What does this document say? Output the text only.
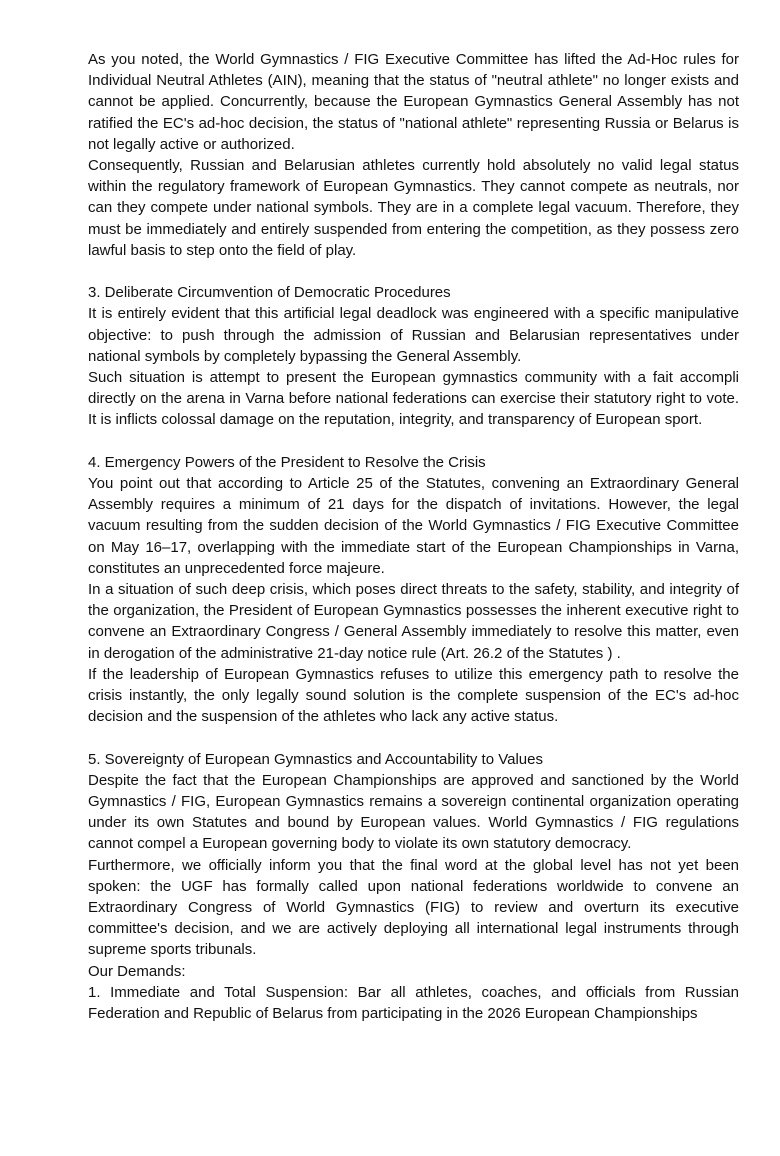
As you noted, the World Gymnastics / FIG Executive Committee has lifted the Ad-Hoc rules for Individual Neutral Athletes (AIN), meaning that the status of "neutral athlete" no longer exists and cannot be applied. Concurrently, because the European Gymnastics General Assembly has not ratified the EC's ad-hoc decision, the status of "national athlete" representing Russia or Belarus is not legally active or authorized.

Consequently, Russian and Belarusian athletes currently hold absolutely no valid legal status within the regulatory framework of European Gymnastics. They cannot compete as neutrals, nor can they compete under national symbols. They are in a complete legal vacuum. Therefore, they must be immediately and entirely suspended from entering the competition, as they possess zero lawful basis to step onto the field of play.

3. Deliberate Circumvention of Democratic Procedures

It is entirely evident that this artificial legal deadlock was engineered with a specific manipulative objective: to push through the admission of Russian and Belarusian representatives under national symbols by completely bypassing the General Assembly.

Such situation is attempt to present the European gymnastics community with a fait accompli directly on the arena in Varna before national federations can exercise their statutory right to vote. It is inflicts colossal damage on the reputation, integrity, and transparency of European sport.

4. Emergency Powers of the President to Resolve the Crisis

You point out that according to Article 25 of the Statutes, convening an Extraordinary General Assembly requires a minimum of 21 days for the dispatch of invitations. However, the legal vacuum resulting from the sudden decision of the World Gymnastics / FIG Executive Committee on May 16–17, overlapping with the immediate start of the European Championships in Varna, constitutes an unprecedented force majeure.

In a situation of such deep crisis, which poses direct threats to the safety, stability, and integrity of the organization, the President of European Gymnastics possesses the inherent executive right to convene an Extraordinary Congress / General Assembly immediately to resolve this matter, even in derogation of the administrative 21-day notice rule (Art. 26.2 of the Statutes ) .

If the leadership of European Gymnastics refuses to utilize this emergency path to resolve the crisis instantly, the only legally sound solution is the complete suspension of the EC's ad-hoc decision and the suspension of the athletes who lack any active status.

5. Sovereignty of European Gymnastics and Accountability to Values

Despite the fact that the European Championships are approved and sanctioned by the World Gymnastics / FIG, European Gymnastics remains a sovereign continental organization operating under its own Statutes and bound by European values. World Gymnastics / FIG regulations cannot compel a European governing body to violate its own statutory democracy.

Furthermore, we officially inform you that the final word at the global level has not yet been spoken: the UGF has formally called upon national federations worldwide to convene an Extraordinary Congress of World Gymnastics (FIG) to review and overturn its executive committee's decision, and we are actively deploying all international legal instruments through supreme sports tribunals.

Our Demands:

1. Immediate and Total Suspension: Bar all athletes, coaches, and officials from Russian Federation and Republic of Belarus from participating in the 2026 European Championships
